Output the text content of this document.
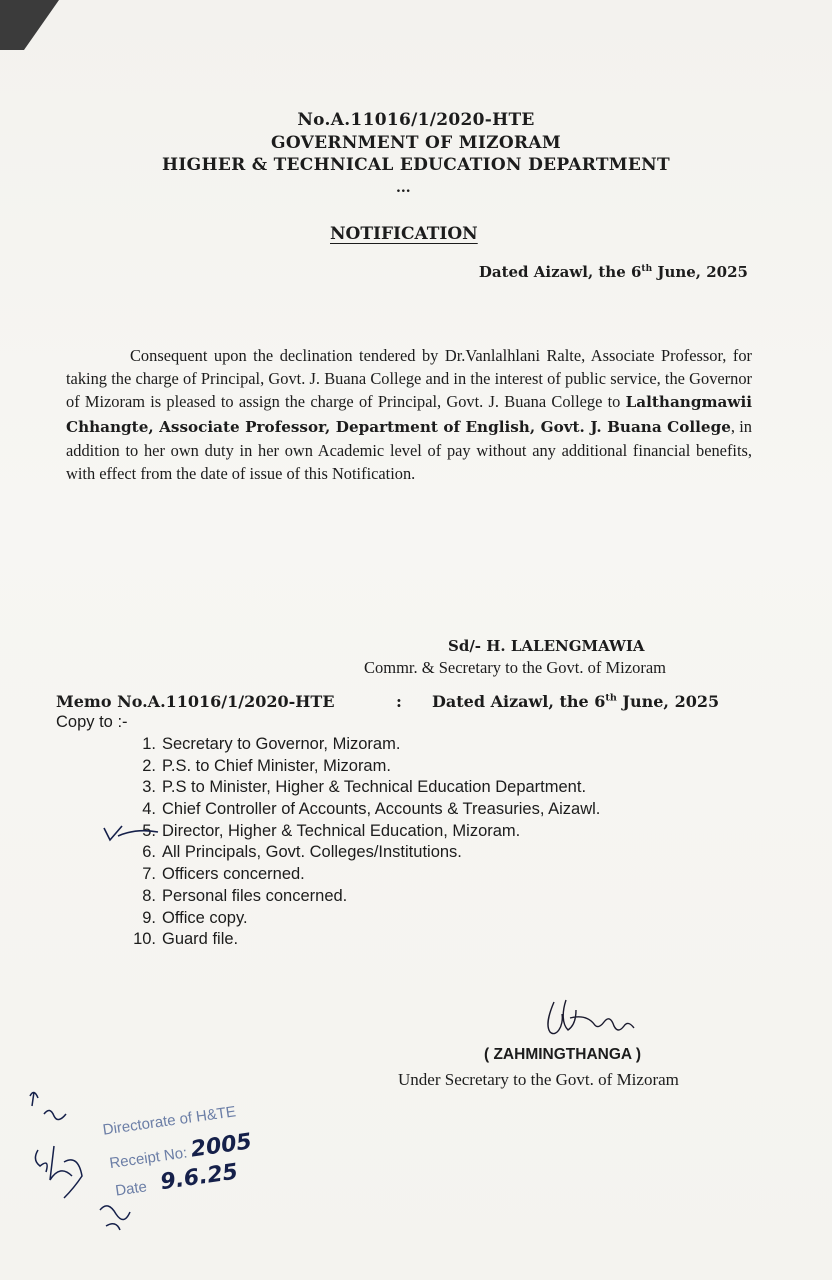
No.A.11016/1/2020-HTE
GOVERNMENT OF MIZORAM
HIGHER & TECHNICAL EDUCATION DEPARTMENT
...
NOTIFICATION
Dated Aizawl, the 6th June, 2025

Consequent upon the declination tendered by Dr.Vanlalhlani Ralte, Associate Professor, for taking the charge of Principal, Govt. J. Buana College and in the interest of public service, the Governor of Mizoram is pleased to assign the charge of Principal, Govt. J. Buana College to Lalthangmawii Chhangte, Associate Professor, Department of English, Govt. J. Buana College, in addition to her own duty in her own Academic level of pay without any additional financial benefits, with effect from the date of issue of this Notification.

Sd/- H. LALENGMAWIA
Commr. & Secretary to the Govt. of Mizoram
Memo No.A.11016/1/2020-HTE	: Dated Aizawl, the 6th June, 2025
Copy to :-
1. Secretary to Governor, Mizoram.
2. P.S. to Chief Minister, Mizoram.
3. P.S to Minister, Higher & Technical Education Department.
4. Chief Controller of Accounts, Accounts & Treasuries, Aizawl.
5. Director, Higher & Technical Education, Mizoram.
6. All Principals, Govt. Colleges/Institutions.
7. Officers concerned.
8. Personal files concerned.
9. Office copy.
10. Guard file.
( ZAHMINGTHANGA )
Under Secretary to the Govt. of Mizoram
Directorate of H&TE
Receipt No: 2005
Date 9.6.25
